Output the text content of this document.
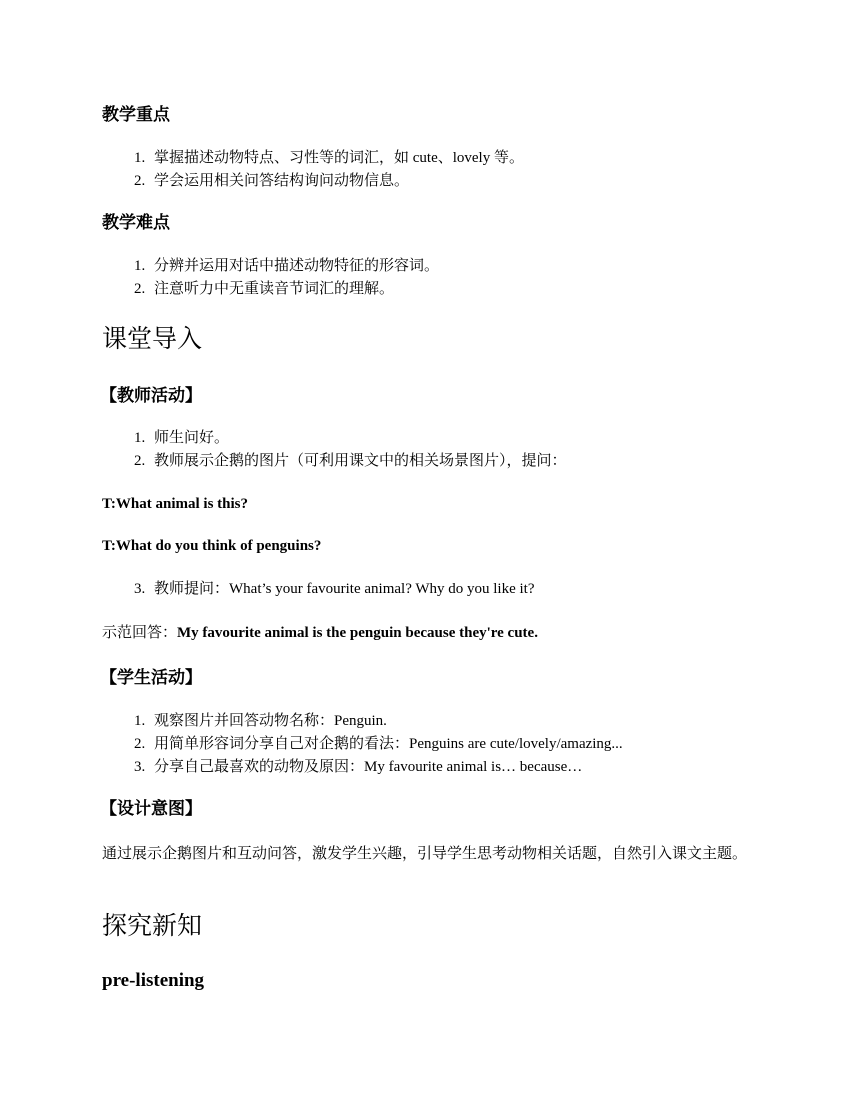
教学重点
1. 掌握描述动物特点、习性等的词汇，如 cute、lovely 等。
2. 学会运用相关问答结构询问动物信息。
教学难点
1. 分辨并运用对话中描述动物特征的形容词。
2. 注意听力中无重读音节词汇的理解。
课堂导入
【教师活动】
1. 师生问好。
2. 教师展示企鹅的图片（可利用课文中的相关场景图片），提问：
T:What animal is this?
T:What do you think of penguins?
3. 教师提问：What’s your favourite animal? Why do you like it?
示范回答：My favourite animal is the penguin because they're cute.
【学生活动】
1. 观察图片并回答动物名称：Penguin.
2. 用简单形容词分享自己对企鹅的看法：Penguins are cute/lovely/amazing...
3. 分享自己最喜欢的动物及原因：My favourite animal is… because…
【设计意图】
通过展示企鹅图片和互动问答，激发学生兴趣，引导学生思考动物相关话题，自然引入课文主题。
探究新知
pre-listening
